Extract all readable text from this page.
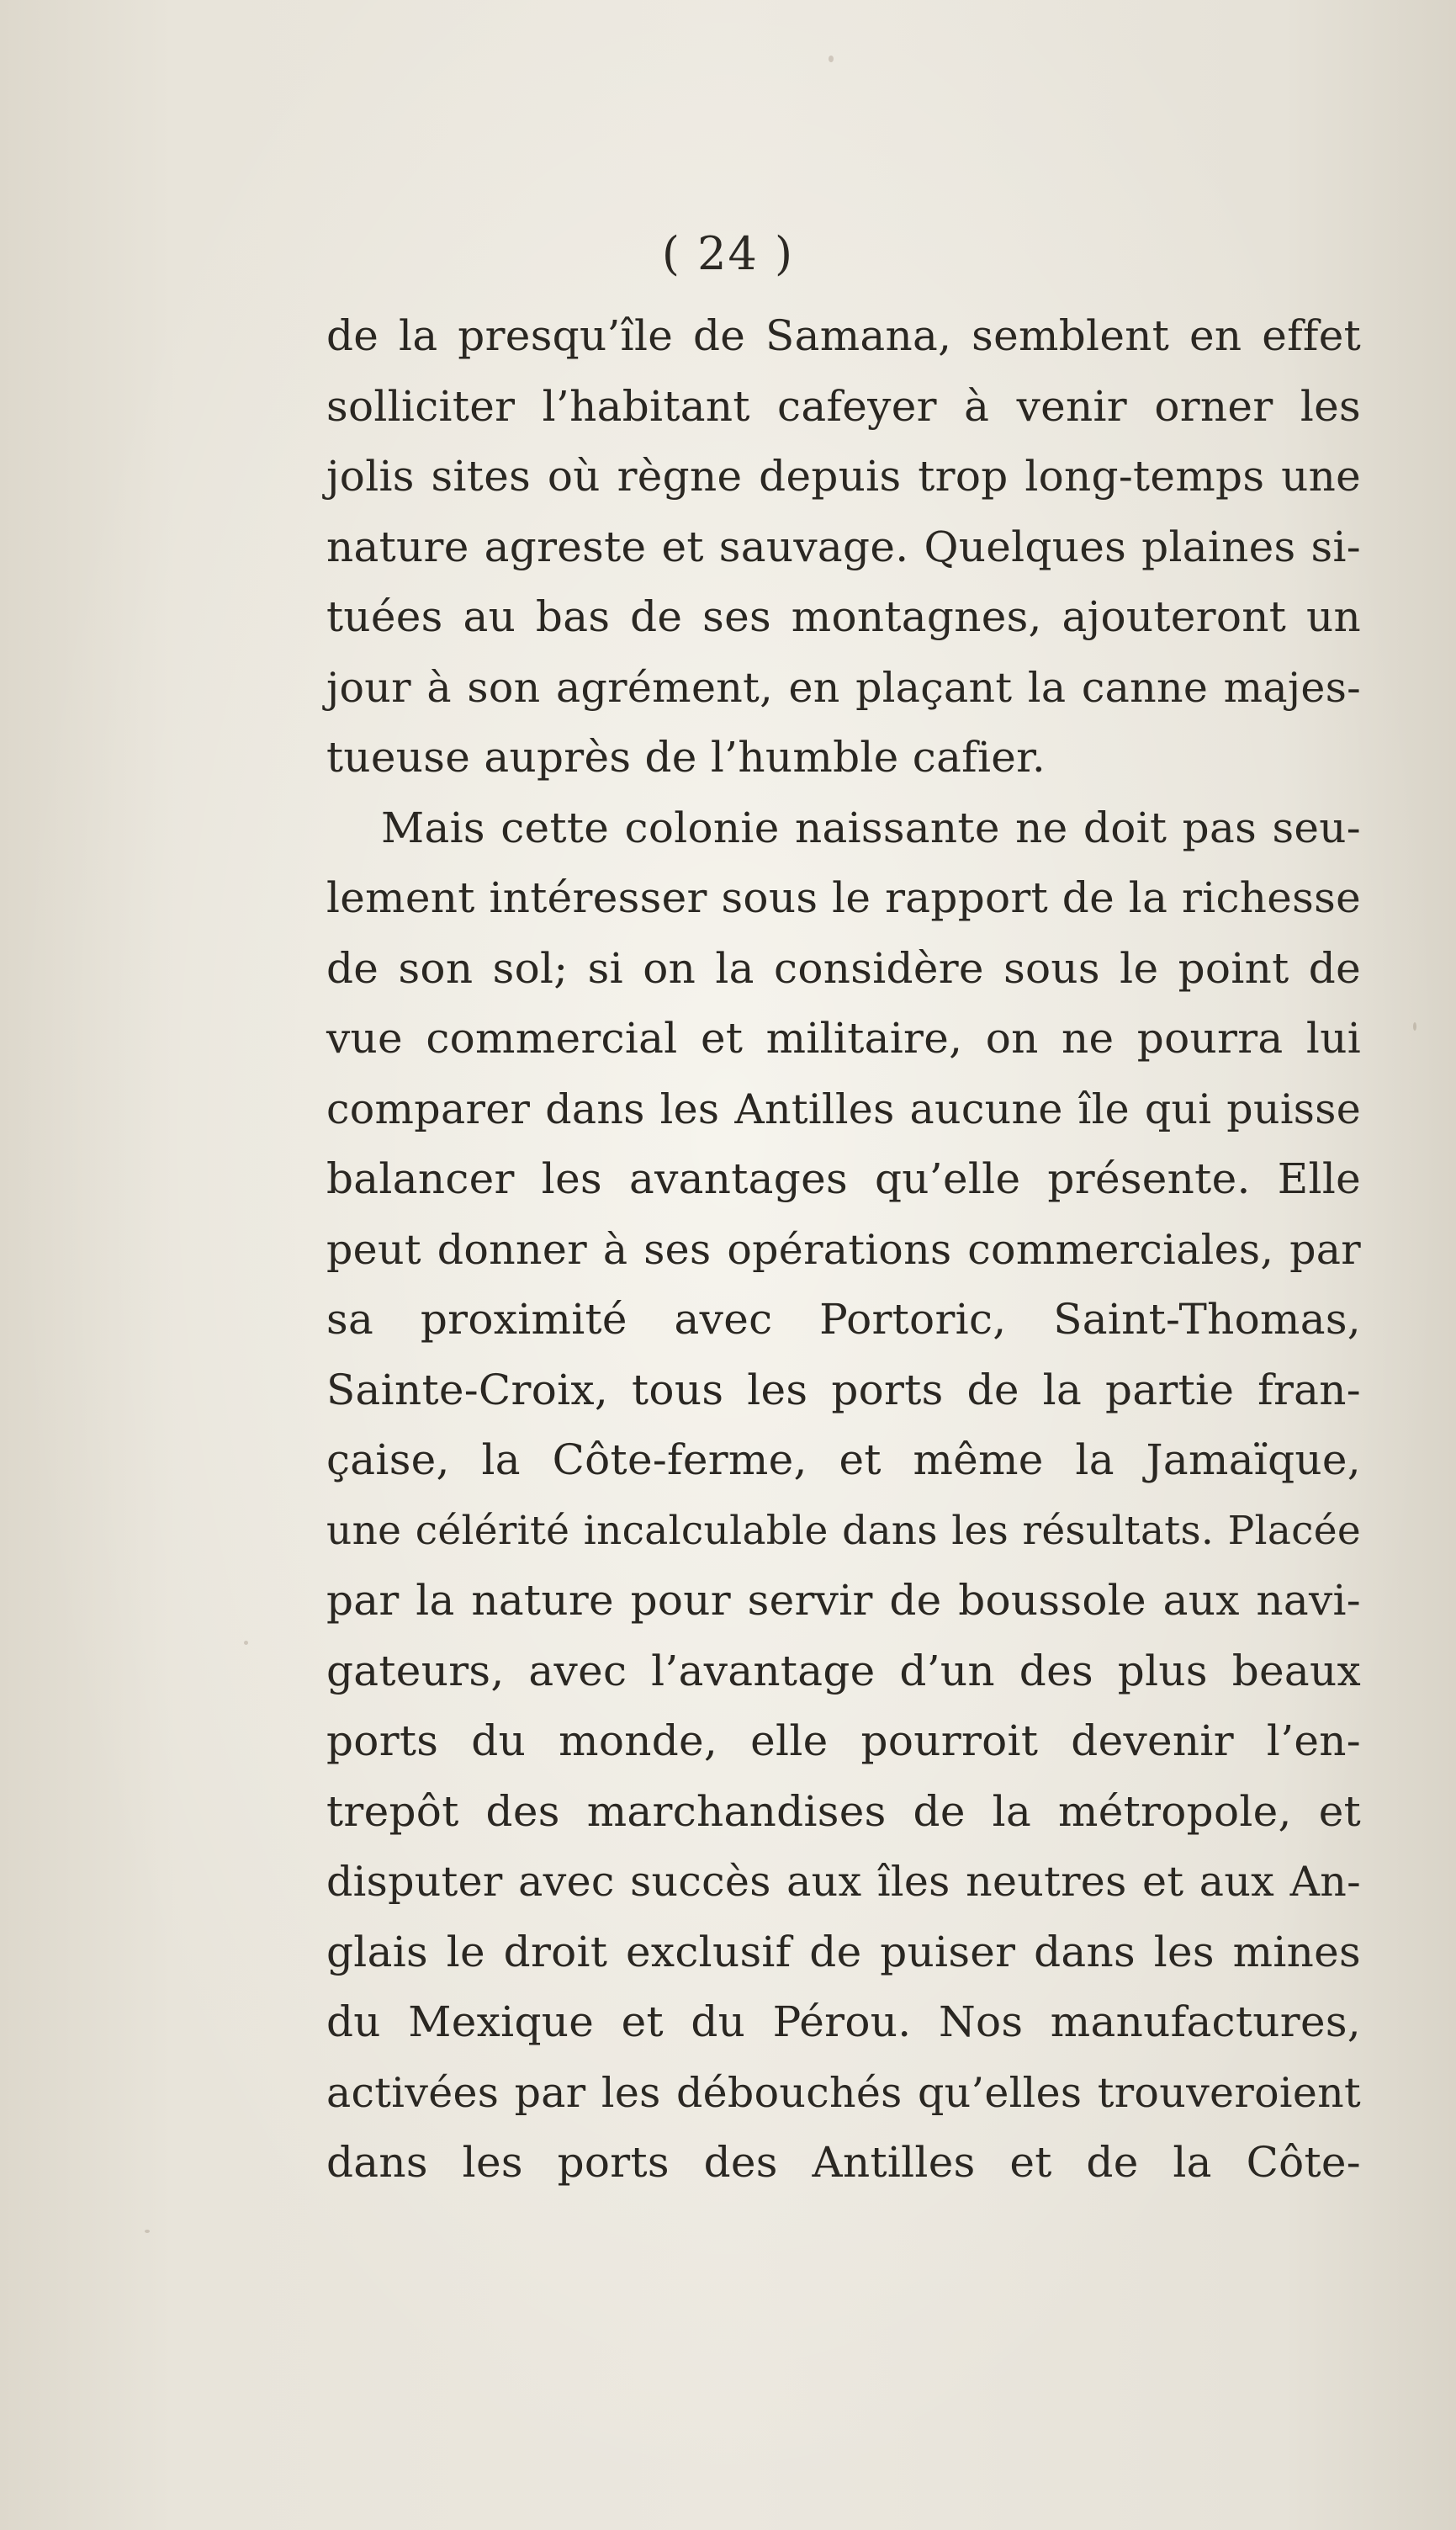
( 24 )
de la presqu’île de Samana, semblent en effet
solliciter l’habitant cafeyer à venir orner les
jolis sites où règne depuis trop long-temps une
nature agreste et sauvage. Quelques plaines si-
tuées au bas de ses montagnes, ajouteront un
jour à son agrément, en plaçant la canne majes-
tueuse auprès de l’humble cafier.
Mais cette colonie naissante ne doit pas seu-
lement intéresser sous le rapport de la richesse
de son sol; si on la considère sous le point de
vue commercial et militaire, on ne pourra lui
comparer dans les Antilles aucune île qui puisse
balancer les avantages qu’elle présente. Elle
peut donner à ses opérations commerciales, par
sa proximité avec Portoric, Saint-Thomas,
Sainte-Croix, tous les ports de la partie fran-
çaise, la Côte-ferme, et même la Jamaïque,
une célérité incalculable dans les résultats. Placée
par la nature pour servir de boussole aux navi-
gateurs, avec l’avantage d’un des plus beaux
ports du monde, elle pourroit devenir l’en-
trepôt des marchandises de la métropole, et
disputer avec succès aux îles neutres et aux An-
glais le droit exclusif de puiser dans les mines
du Mexique et du Pérou. Nos manufactures,
activées par les débouchés qu’elles trouveroient
dans les ports des Antilles et de la Côte-
